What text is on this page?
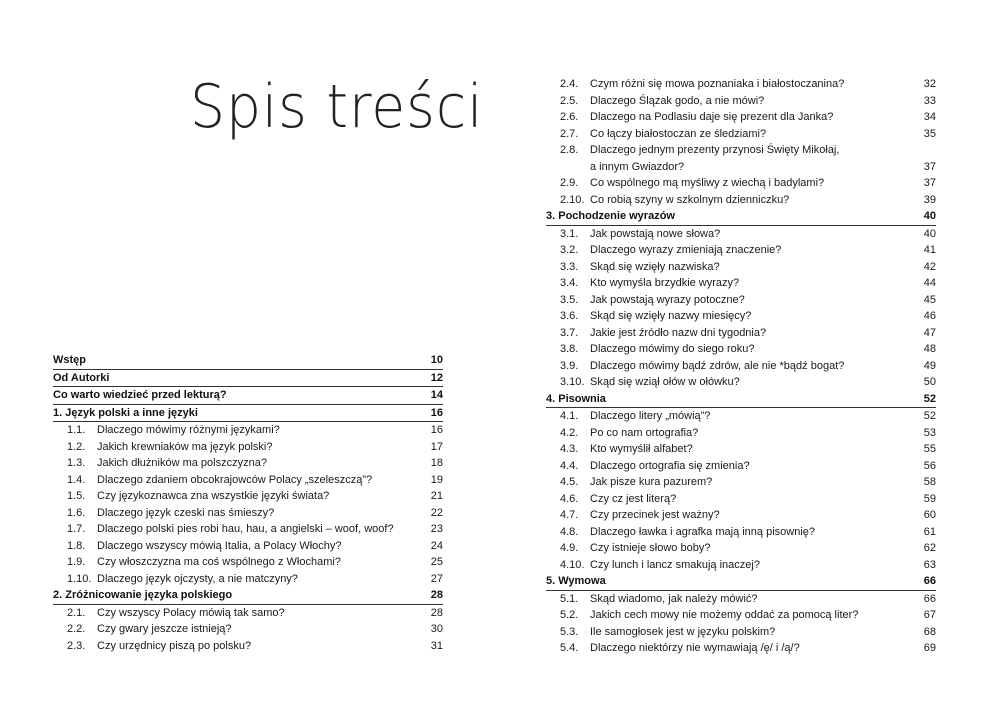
Spis treści
Wstęp	10
Od Autorki	12
Co warto wiedzieć przed lekturą?	14
1. Język polski a inne języki	16
1.1. Dlaczego mówimy różnymi językami?	16
1.2. Jakich krewniaków ma język polski?	17
1.3. Jakich dłużników ma polszczyzna?	18
1.4. Dlaczego zdaniem obcokrajowców Polacy „szeleszczą”?	19
1.5. Czy językoznawca zna wszystkie języki świata?	21
1.6. Dlaczego język czeski nas śmieszy?	22
1.7. Dlaczego polski pies robi hau, hau, a angielski – woof, woof?	23
1.8. Dlaczego wszyscy mówią Italia, a Polacy Włochy?	24
1.9. Czy włoszczyzna ma coś wspólnego z Włochami?	25
1.10. Dlaczego język ojczysty, a nie matczyny?	27
2. Zróżnicowanie języka polskiego	28
2.1. Czy wszyscy Polacy mówią tak samo?	28
2.2. Czy gwary jeszcze istnieją?	30
2.3. Czy urzędnicy piszą po polsku?	31
2.4. Czym różni się mowa poznaniaka i białostoczanina?	32
2.5. Dlaczego Ślązak godo, a nie mówi?	33
2.6. Dlaczego na Podlasiu daje się prezent dla Janka?	34
2.7. Co łączy białostoczan ze śledziami?	35
2.8. Dlaczego jednym prezenty przynosi Święty Mikołaj,
a innym Gwiazdor?	37
2.9. Co wspólnego mą myśliwy z wiechą i badylami?	37
2.10. Co robią szyny w szkolnym dzienniczku?	39
3. Pochodzenie wyrazów	40
3.1. Jak powstają nowe słowa?	40
3.2. Dlaczego wyrazy zmieniają znaczenie?	41
3.3. Skąd się wzięły nazwiska?	42
3.4. Kto wymyśla brzydkie wyrazy?	44
3.5. Jak powstają wyrazy potoczne?	45
3.6. Skąd się wzięły nazwy miesięcy?	46
3.7. Jakie jest źródło nazw dni tygodnia?	47
3.8. Dlaczego mówimy do siego roku?	48
3.9. Dlaczego mówimy bądź zdrów, ale nie *bądź bogat?	49
3.10. Skąd się wziął ołów w ołówku?	50
4. Pisownia	52
4.1. Dlaczego litery „mówią”?	52
4.2. Po co nam ortografia?	53
4.3. Kto wymyślił alfabet?	55
4.4. Dlaczego ortografia się zmienia?	56
4.5. Jak pisze kura pazurem?	58
4.6. Czy cz jest literą?	59
4.7. Czy przecinek jest ważny?	60
4.8. Dlaczego ławka i agrafka mają inną pisownię?	61
4.9. Czy istnieje słowo boby?	62
4.10. Czy lunch i lancz smakują inaczej?	63
5. Wymowa	66
5.1. Skąd wiadomo, jak należy mówić?	66
5.2. Jakich cech mowy nie możemy oddać za pomocą liter?	67
5.3. Ile samogłosek jest w języku polskim?	68
5.4. Dlaczego niektórzy nie wymawiają /ę/ i /ą/?	69
